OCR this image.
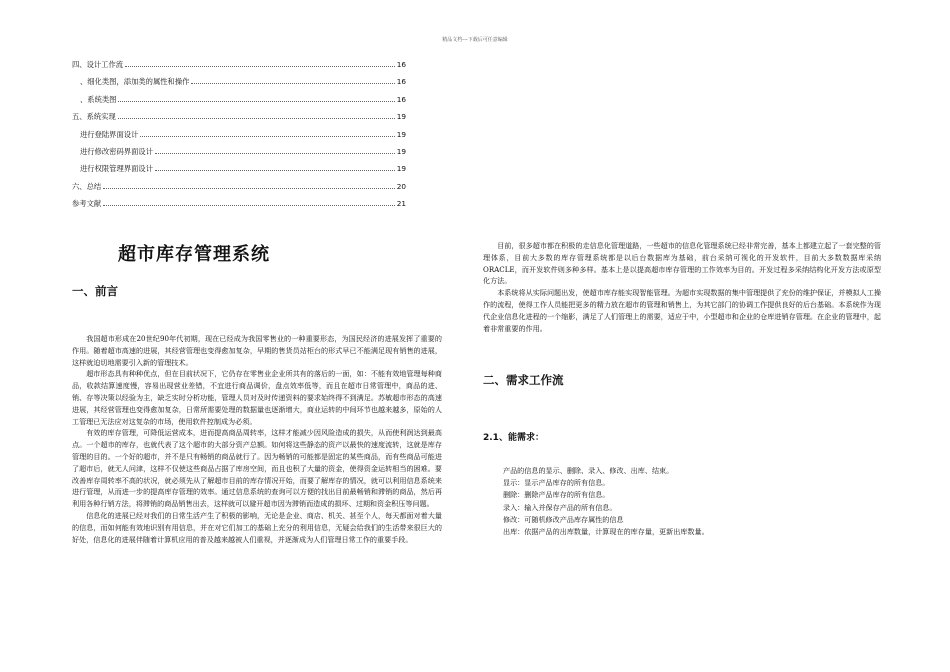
精品文档---下载后可任意编辑
四、设计工作流	16
、细化类图，添加类的属性和操作	16
、系统类图	16
五、系统实现	19
进行登陆界面设计	19
进行修改密码界面设计	19
进行权限管理界面设计	19
六、总结	20
参考文献	21
超市库存管理系统
一、前言

我国超市形成在20世纪90年代初期，现在已经成为我国零售业的一种重要形态，为国民经济的进展发挥了重要的作用。随着超市高速的进展，其经营管理也变得愈加复杂，早期的售货员站柜台的形式早已不能满足现有销售的进展，这样就迫切地需要引入新的管理技术。

超市形态具有种种优点，但在目前状况下，它仍存在零售业企业所共有的落后的一面，如：不能有效地管理每种商品，收款结算速度慢，容易出现营业差错，不宜进行商品调价，盘点效率低等，而且在超市日常管理中，商品的进、销、存等决策以经验为主，缺乏实时分析功能，管理人员对及时传递资料的要求始终得不到满足。苏敏超市形态的高速进展，其经营管理也变得愈加复杂，日常所需要处理的数据量也逐渐增大，商业运转的中间环节也越来越多，原始的人工管理已无法应对这复杂的市场，使用软件控制成为必须。

有效的库存管理，可降低运营成本，进而提高商品周转率，这样才能减少因风险造成的损失，从而使利润达到最高点。一个超市的库存，也就代表了这个超市的大部分资产总额。如何将这些静态的资产以最快的速度流转，这就是库存管理的目的。一个好的超市，并不是只有畅销的商品就行了。因为畅销的可能都是固定的某些商品，而有些商品可能进了超市后，就无人问津，这样不仅使这些商品占据了库房空间，而且也积了大量的资金，使得资金运转相当的困难。要改善库存周转率不高的状况，就必须先从了解超市目前的库存情况开始，而要了解库存的情况，就可以利用信息系统来进行管理，从而进一步的提高库存管理的效率。通过信息系统的查询可以方便的找出目前最畅销和滞销的商品，然后再利用各种行销方法，将滞销的商品销售出去，这样就可以避开超市因为滞销而造成的损坏、过期和资金积压等问题。

信息化的进展已经对我们的日常生活产生了积极的影响，无论是企业、商店、机关、甚至个人，每天都面对着大量的信息，而如何能有效地识别有用信息，并在对它们加工的基础上充分的利用信息，无疑会给我们的生活带来很巨大的好处，信息化的进展伴随着计算机应用的普及越来越被人们重视，并逐渐成为人们管理日常工作的重要手段。

目前，很多超市都在积极的走信息化管理道路，一些超市的信息化管理系统已经非常完善，基本上都建立起了一套完整的管理体系，目前大多数的库存管理系统都是以后台数据库为基础，前台采纳可视化的开发软件，目前大多数数据库采纳ORACLE，而开发软件则多种多样。基本上是以提高超市库存管理的工作效率为目的。开发过程多采纳结构化开发方法或原型化方法。

本系统将从实际问题出发，使超市库存能实现智能管理。为超市实现数据的集中管理提供了充份的维护保证，并模拟人工操作的流程，使得工作人员能把更多的精力放在超市的管理和销售上，为其它部门的协调工作提供良好的后台基础。本系统作为现代企业信息化进程的一个缩影，满足了人们管理上的需要，适应于中，小型超市和企业的仓库进销存管理。在企业的管理中，起着非常重要的作用。

二、需求工作流
2.1、能需求：
产品的信息的显示、删除、录入、修改、出库、结束。
显示：显示产品库存的所有信息。
删除：删除产品库存的所有信息。
录入：输入并保存产品的所有信息。
修改：可随机修改产品库存属性的信息
出库：依据产品的出库数量，计算现在的库存量，更新出库数量。
